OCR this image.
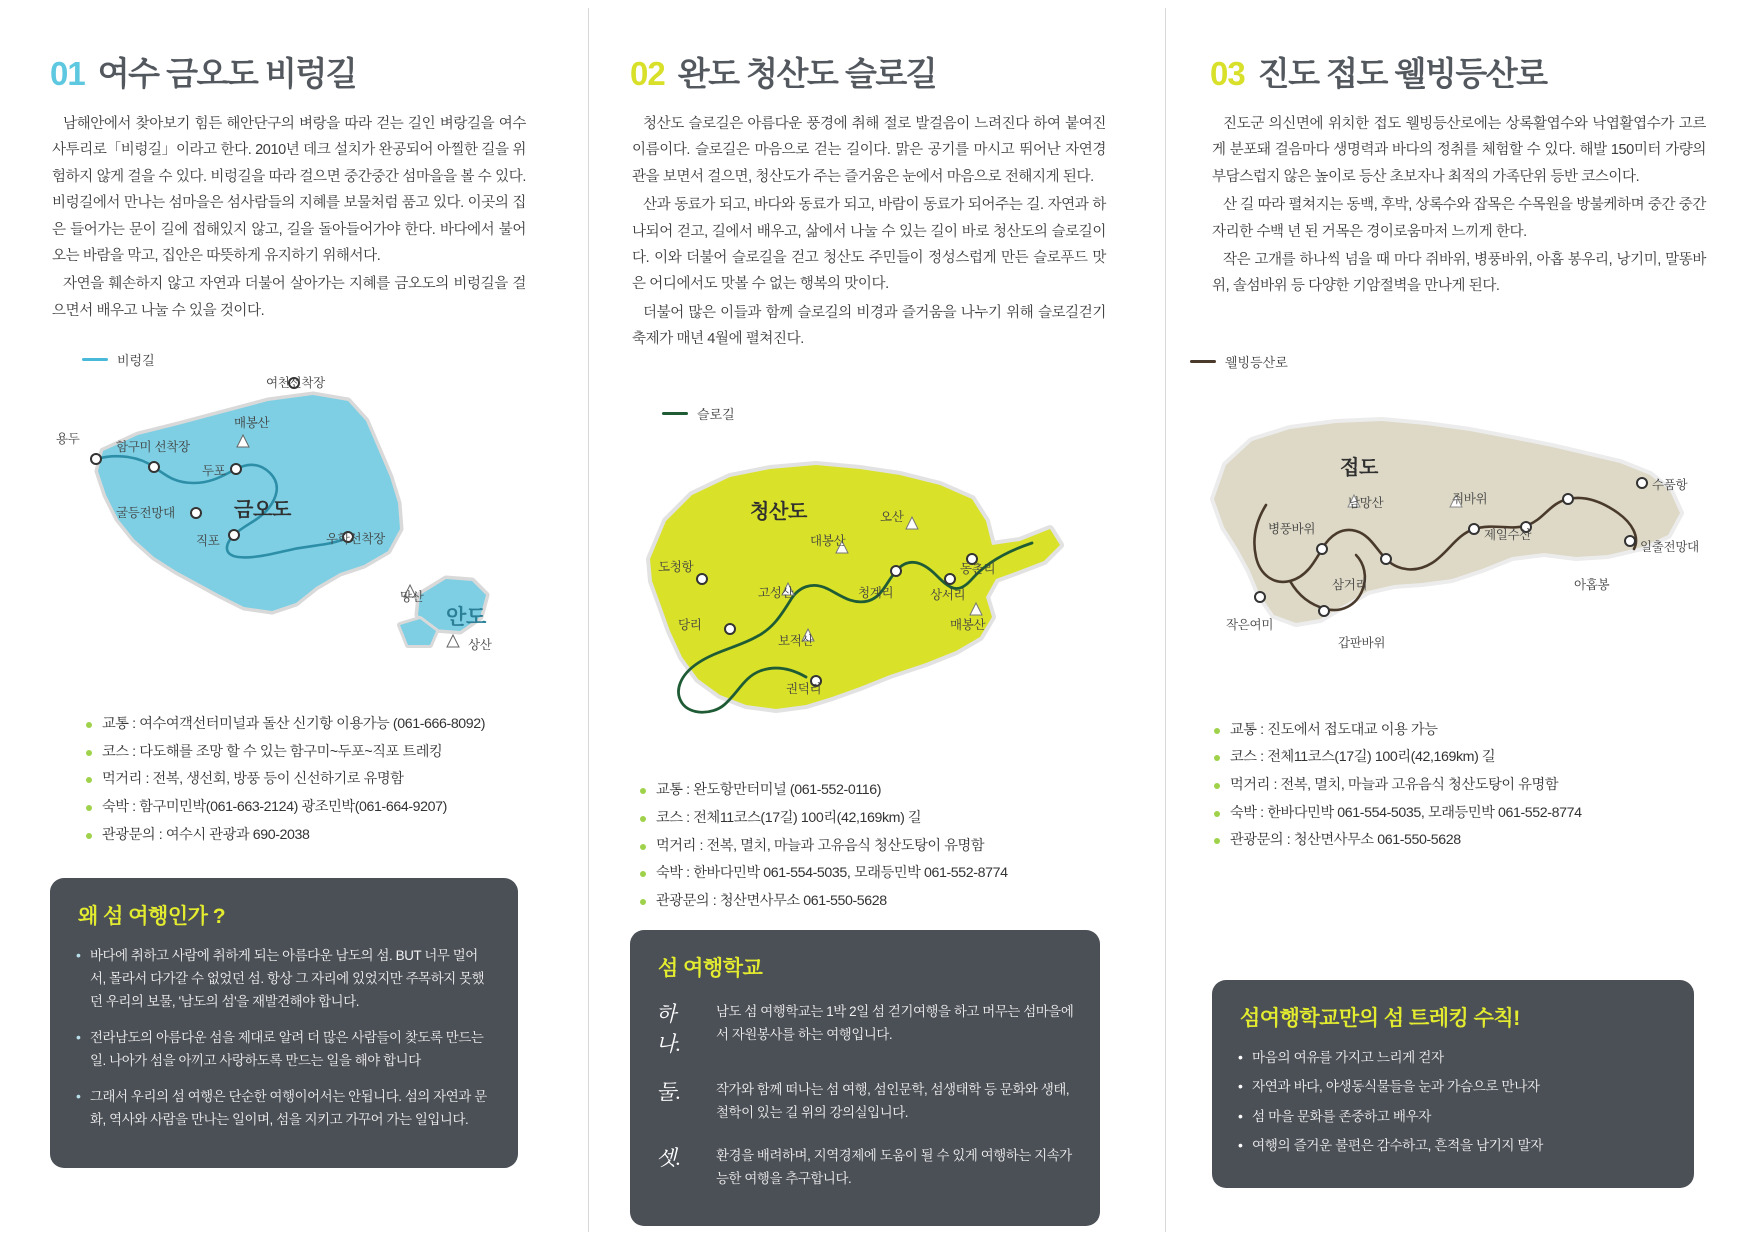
01 여수 금오도 비렁길

남해안에서 찾아보기 힘든 해안단구의 벼랑을 따라 걷는 길인 벼랑길을 여수 사투리로「비렁길」이라고 한다. 2010년 데크 설치가 완공되어 아찔한 길을 위험하지 않게 걸을 수 있다. 비렁길을 따라 걸으면 중간중간 섬마을을 볼 수 있다. 비렁길에서 만나는 섬마을은 섬사람들의 지혜를 보물처럼 품고 있다. 이곳의 집은 들어가는 문이 길에 접해있지 않고, 길을 돌아들어가야 한다. 바다에서 불어오는 바람을 막고, 집안은 따뜻하게 유지하기 위해서다.

자연을 훼손하지 않고 자연과 더불어 살아가는 지혜를 금오도의 비렁길을 걸으면서 배우고 나눌 수 있을 것이다.

비렁길
여천선착장
매봉산
용두
함구미 선착장
두포
굴등전망대
직포	우학선착장
망산
상산
금오도
안도
교통 : 여수여객선터미널과 돌산 신기항 이용가능 (061-666-8092)
코스 : 다도해를 조망 할 수 있는 함구미~두포~직포 트레킹
먹거리 : 전복, 생선회, 방풍 등이 신선하기로 유명함
숙박 : 함구미민박(061-663-2124) 광조민박(061-664-9207)
관광문의 : 여수시 관광과 690-2038
왜 섬 여행인가 ?
• 바다에 취하고 사람에 취하게 되는 아름다운 남도의 섬. BUT 너무 멀어서, 몰라서 다가갈 수 없었던 섬. 항상 그 자리에 있었지만 주목하지 못했던 우리의 보물, '남도의 섬'을 재발견해야 합니다.
• 전라남도의 아름다운 섬을 제대로 알려 더 많은 사람들이 찾도록 만드는 일. 나아가 섬을 아끼고 사랑하도록 만드는 일을 해야 합니다
• 그래서 우리의 섬 여행은 단순한 여행이어서는 안됩니다. 섬의 자연과 문화, 역사와 사람을 만나는 일이며, 섬을 지키고 가꾸어 가는 일입니다.
02 완도 청산도 슬로길

청산도 슬로길은 아름다운 풍경에 취해 절로 발걸음이 느려진다 하여 붙여진 이름이다. 슬로길은 마음으로 걷는 길이다. 맑은 공기를 마시고 뛰어난 자연경관을 보면서 걸으면, 청산도가 주는 즐거움은 눈에서 마음으로 전해지게 된다.

산과 동료가 되고, 바다와 동료가 되고, 바람이 동료가 되어주는 길. 자연과 하나되어 걷고, 길에서 배우고, 삶에서 나눌 수 있는 길이 바로 청산도의 슬로길이다. 이와 더불어 슬로길을 걷고 청산도 주민들이 정성스럽게 만든 슬로푸드 맛은 어디에서도 맛볼 수 없는 행복의 맛이다.

더불어 많은 이들과 함께 슬로길의 비경과 즐거움을 나누기 위해 슬로길걷기축제가 매년 4월에 펼쳐진다.

슬로길
청산도	오산
대봉산
도청항	동촌리
고성산	청계리	상서리
당리	매봉산
보적산
권덕리
교통 : 완도항만터미널 (061-552-0116)
코스 : 전체11코스(17길) 100리(42,169km) 길
먹거리 : 전복, 멸치, 마늘과 고유음식 청산도탕이 유명함
숙박 : 한바다민박 061-554-5035, 모래등민박 061-552-8774
관광문의 : 청산면사무소 061-550-5628
섬 여행학교
하나.
남도 섬 여행학교는 1박 2일 섬 걷기여행을 하고 머무는 섬마을에서 자원봉사를 하는 여행입니다.
둘.	작가와 함께 떠나는 섬 여행, 섬인문학, 섬생태학 등 문화와 생태, 철학이 있는 길 위의 강의실입니다.
셋.	환경을 배려하며, 지역경제에 도움이 될 수 있게 여행하는 지속가능한 여행을 추구합니다.
03 진도 접도 웰빙등산로

진도군 의신면에 위치한 접도 웰빙등산로에는 상록활엽수와 낙엽활엽수가 고르게 분포돼 걸음마다 생명력과 바다의 정취를 체험할 수 있다. 해발 150미터 가량의 부담스럽지 않은 높이로 등산 초보자나 최적의 가족단위 등반 코스이다.

산 길 따라 펼쳐지는 동백, 후박, 상록수와 잡목은 수목원을 방불케하며 중간 중간 자리한 수백 년 된 거목은 경이로움마저 느끼게 한다.

작은 고개를 하나씩 넘을 때 마다 쥐바위, 병풍바위, 아홉 봉우리, 낭기미, 말똥바위, 솔섬바위 등 다양한 기암절벽을 만나게 된다.

웰빙등산로
접도
남망산	쥐바위
수품항
병풍바위	제일수산
일출전망대
삼거리	아홉봉
작은여미
갑판바위
교통 : 진도에서 접도대교 이용 가능
코스 : 전체11코스(17길) 100리(42,169km) 길
먹거리 : 전복, 멸치, 마늘과 고유음식 청산도탕이 유명함
숙박 : 한바다민박 061-554-5035, 모래등민박 061-552-8774
관광문의 : 청산면사무소 061-550-5628
섬여행학교만의 섬 트레킹 수칙!
• 마음의 여유를 가지고 느리게 걷자
• 자연과 바다, 야생동식물들을 눈과 가슴으로 만나자
• 섬 마을 문화를 존중하고 배우자
• 여행의 즐거운 불편은 감수하고, 흔적을 남기지 말자
